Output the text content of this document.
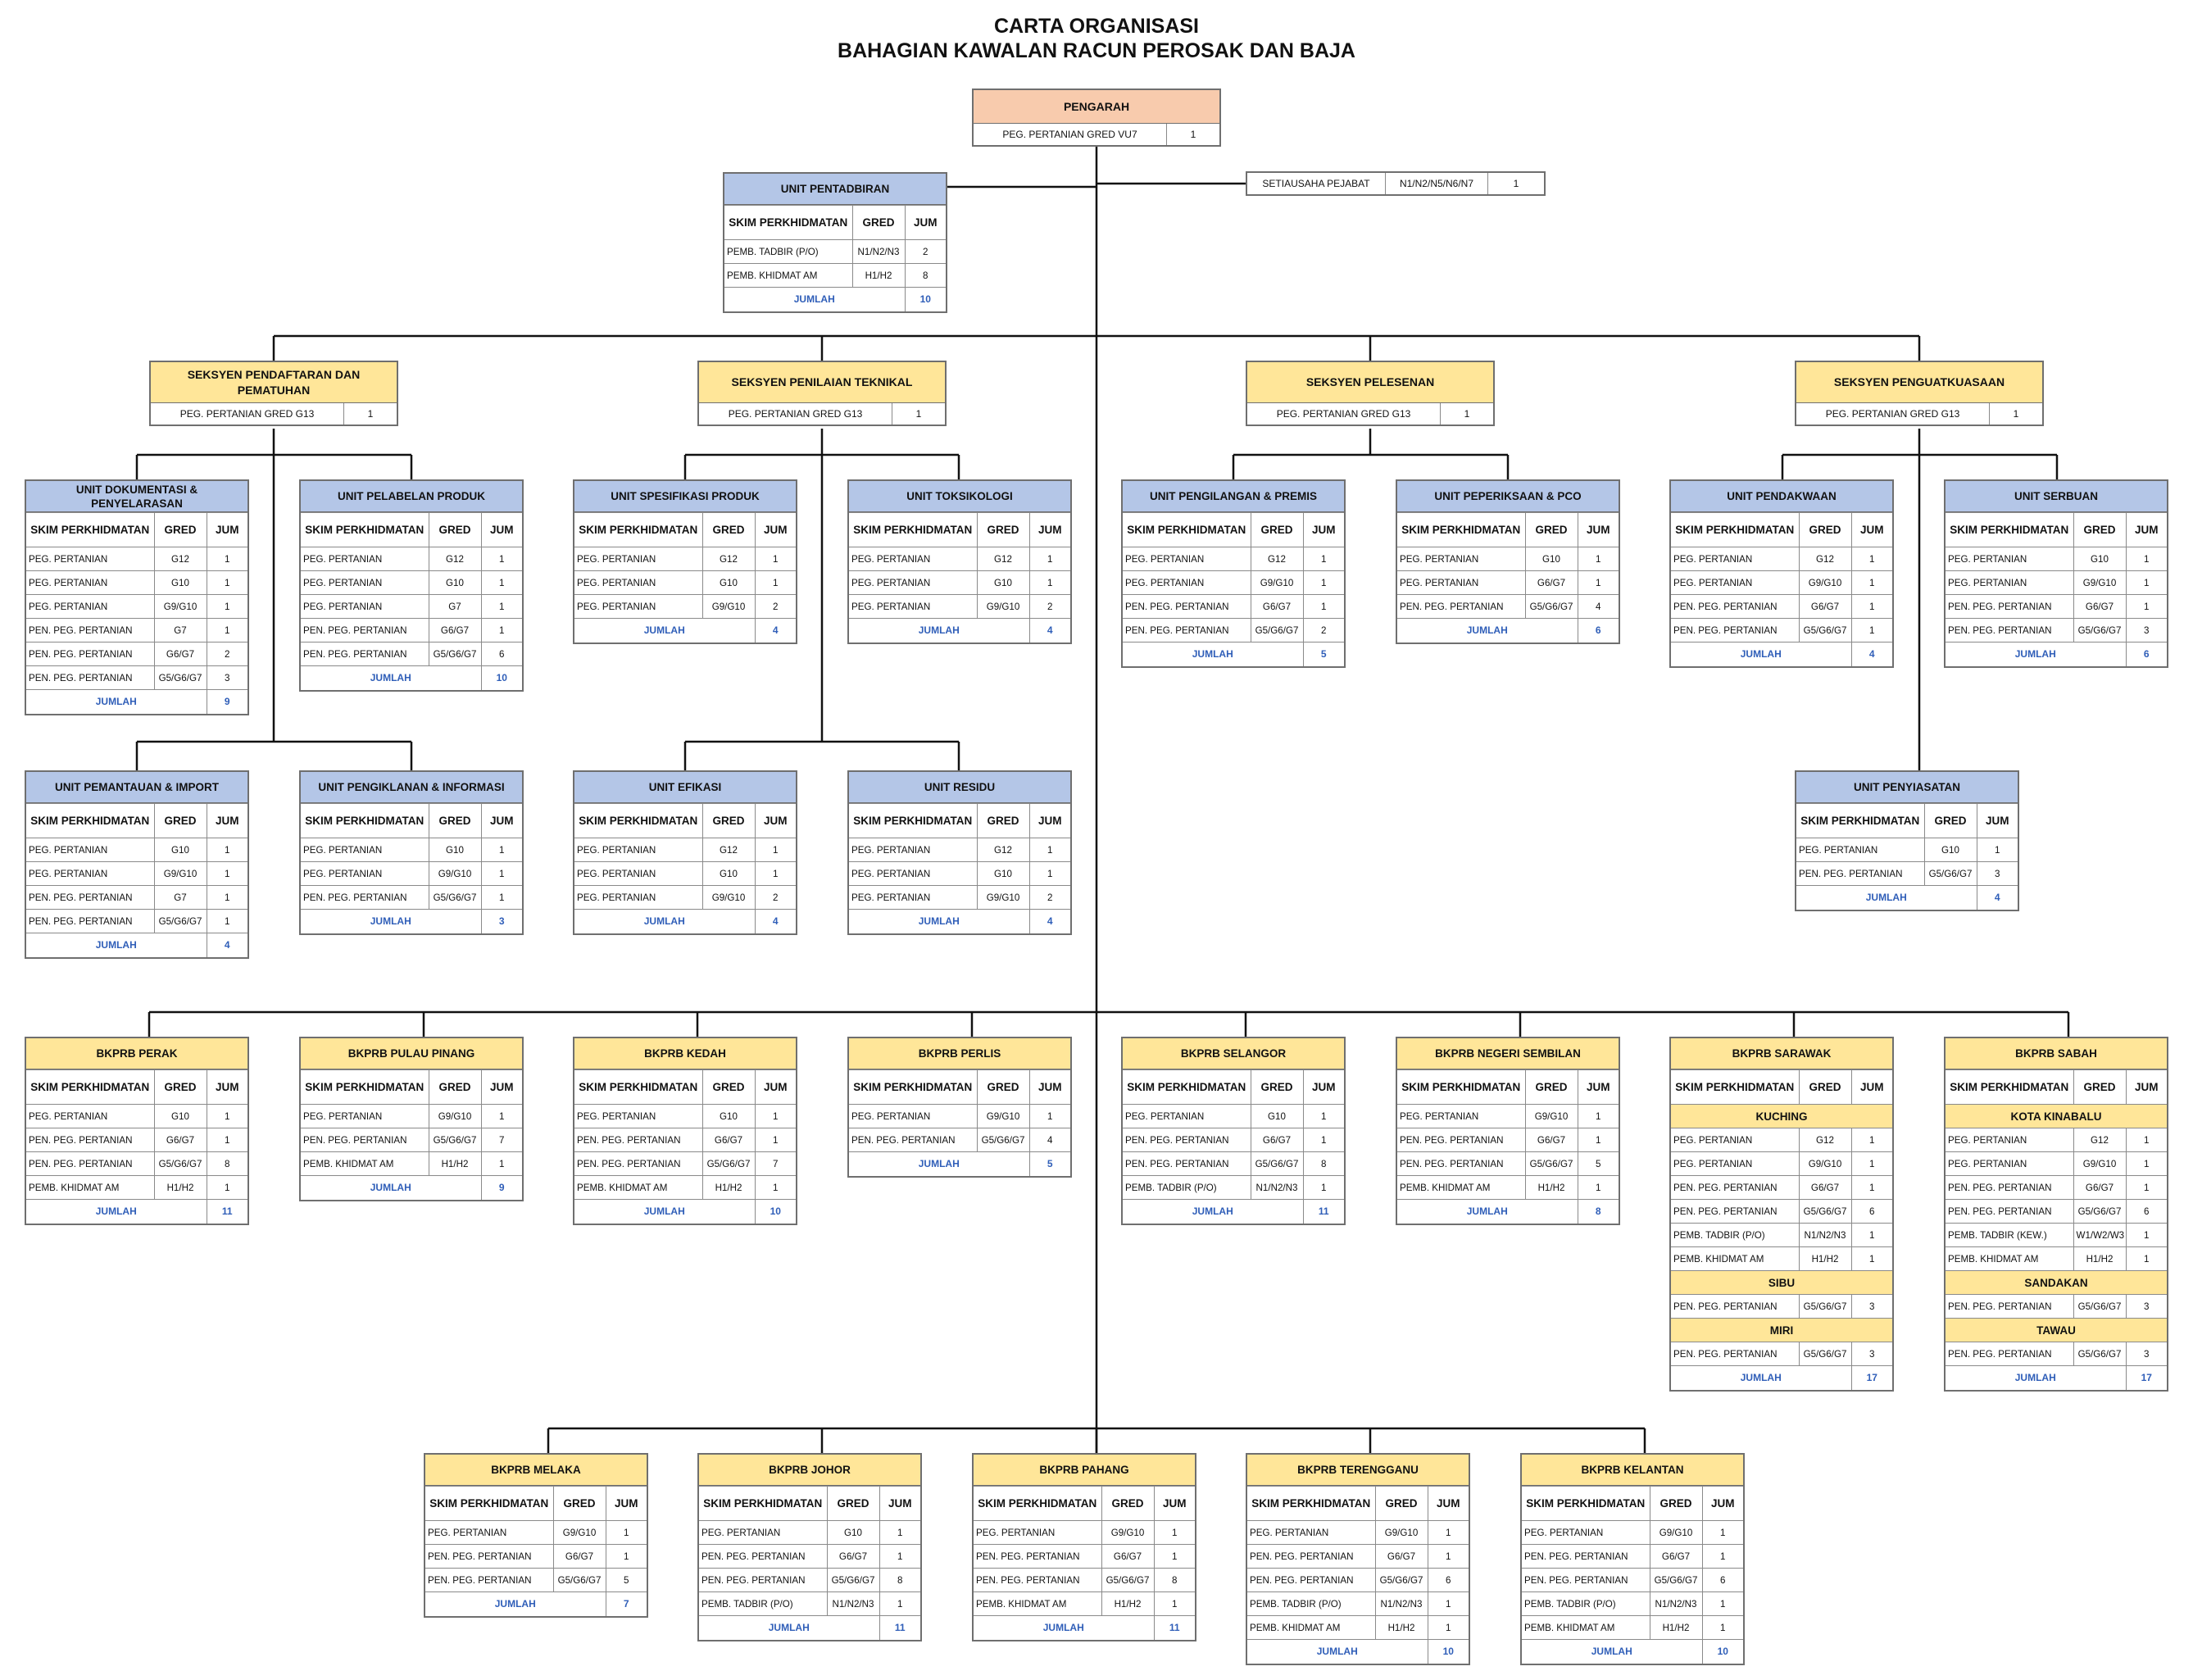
CARTA ORGANISASI
BAHAGIAN KAWALAN RACUN PEROSAK DAN BAJA
PENGARAH
PEG. PERTANIAN GRED VU7	1
SETIAUSAHA PEJABAT	N1/N2/N5/N6/N7	1
SEKSYEN PENDAFTARAN DAN PEMATUHAN
PEG. PERTANIAN GRED G13	1
SEKSYEN PENILAIAN TEKNIKAL
PEG. PERTANIAN GRED G13	1
SEKSYEN PELESENAN
PEG. PERTANIAN GRED G13	1
SEKSYEN PENGUATKUASAAN
PEG. PERTANIAN GRED G13	1
UNIT PENTADBIRAN
SKIM PERKHIDMATAN	GRED	JUM
PEMB. TADBIR (P/O)	N1/N2/N3	2
PEMB. KHIDMAT AM	H1/H2	8
JUMLAH		10
UNIT DOKUMENTASI & PENYELARASAN
SKIM PERKHIDMATAN	GRED	JUM
PEG. PERTANIAN	G12	1
PEG. PERTANIAN	G10	1
PEG. PERTANIAN	G9/G10	1
PEN. PEG. PERTANIAN	G7	1
PEN. PEG. PERTANIAN	G6/G7	2
PEN. PEG. PERTANIAN	G5/G6/G7	3
JUMLAH		9
UNIT PELABELAN PRODUK
SKIM PERKHIDMATAN	GRED	JUM
PEG. PERTANIAN	G12	1
PEG. PERTANIAN	G10	1
PEG. PERTANIAN	G7	1
PEN. PEG. PERTANIAN	G6/G7	1
PEN. PEG. PERTANIAN	G5/G6/G7	6
JUMLAH		10
UNIT SPESIFIKASI PRODUK
SKIM PERKHIDMATAN	GRED	JUM
PEG. PERTANIAN	G12	1
PEG. PERTANIAN	G10	1
PEG. PERTANIAN	G9/G10	2
JUMLAH		4
UNIT TOKSIKOLOGI
SKIM PERKHIDMATAN	GRED	JUM
PEG. PERTANIAN	G12	1
PEG. PERTANIAN	G10	1
PEG. PERTANIAN	G9/G10	2
JUMLAH		4
UNIT PENGILANGAN & PREMIS
SKIM PERKHIDMATAN	GRED	JUM
PEG. PERTANIAN	G12	1
PEG. PERTANIAN	G9/G10	1
PEN. PEG. PERTANIAN	G6/G7	1
PEN. PEG. PERTANIAN	G5/G6/G7	2
JUMLAH		5
UNIT PEPERIKSAAN & PCO
SKIM PERKHIDMATAN	GRED	JUM
PEG. PERTANIAN	G10	1
PEG. PERTANIAN	G6/G7	1
PEN. PEG. PERTANIAN	G5/G6/G7	4
JUMLAH		6
UNIT PENDAKWAAN
SKIM PERKHIDMATAN	GRED	JUM
PEG. PERTANIAN	G12	1
PEG. PERTANIAN	G9/G10	1
PEN. PEG. PERTANIAN	G6/G7	1
PEN. PEG. PERTANIAN	G5/G6/G7	1
JUMLAH		4
UNIT SERBUAN
SKIM PERKHIDMATAN	GRED	JUM
PEG. PERTANIAN	G10	1
PEG. PERTANIAN	G9/G10	1
PEN. PEG. PERTANIAN	G6/G7	1
PEN. PEG. PERTANIAN	G5/G6/G7	3
JUMLAH		6
UNIT PEMANTAUAN & IMPORT
SKIM PERKHIDMATAN	GRED	JUM
PEG. PERTANIAN	G10	1
PEG. PERTANIAN	G9/G10	1
PEN. PEG. PERTANIAN	G7	1
PEN. PEG. PERTANIAN	G5/G6/G7	1
JUMLAH		4
UNIT PENGIKLANAN & INFORMASI
SKIM PERKHIDMATAN	GRED	JUM
PEG. PERTANIAN	G10	1
PEG. PERTANIAN	G9/G10	1
PEN. PEG. PERTANIAN	G5/G6/G7	1
JUMLAH		3
UNIT EFIKASI
SKIM PERKHIDMATAN	GRED	JUM
PEG. PERTANIAN	G12	1
PEG. PERTANIAN	G10	1
PEG. PERTANIAN	G9/G10	2
JUMLAH		4
UNIT RESIDU
SKIM PERKHIDMATAN	GRED	JUM
PEG. PERTANIAN	G12	1
PEG. PERTANIAN	G10	1
PEG. PERTANIAN	G9/G10	2
JUMLAH		4
UNIT PENYIASATAN
SKIM PERKHIDMATAN	GRED	JUM
PEG. PERTANIAN	G10	1
PEN. PEG. PERTANIAN	G5/G6/G7	3
JUMLAH		4
BKPRB PERAK
SKIM PERKHIDMATAN	GRED	JUM
PEG. PERTANIAN	G10	1
PEN. PEG. PERTANIAN	G6/G7	1
PEN. PEG. PERTANIAN	G5/G6/G7	8
PEMB. KHIDMAT AM	H1/H2	1
JUMLAH		11
BKPRB PULAU PINANG
SKIM PERKHIDMATAN	GRED	JUM
PEG. PERTANIAN	G9/G10	1
PEN. PEG. PERTANIAN	G5/G6/G7	7
PEMB. KHIDMAT AM	H1/H2	1
JUMLAH		9
BKPRB KEDAH
SKIM PERKHIDMATAN	GRED	JUM
PEG. PERTANIAN	G10	1
PEN. PEG. PERTANIAN	G6/G7	1
PEN. PEG. PERTANIAN	G5/G6/G7	7
PEMB. KHIDMAT AM	H1/H2	1
JUMLAH		10
BKPRB PERLIS
SKIM PERKHIDMATAN	GRED	JUM
PEG. PERTANIAN	G9/G10	1
PEN. PEG. PERTANIAN	G5/G6/G7	4
JUMLAH		5
BKPRB SELANGOR
SKIM PERKHIDMATAN	GRED	JUM
PEG. PERTANIAN	G10	1
PEN. PEG. PERTANIAN	G6/G7	1
PEN. PEG. PERTANIAN	G5/G6/G7	8
PEMB. TADBIR (P/O)	N1/N2/N3	1
JUMLAH		11
BKPRB NEGERI SEMBILAN
SKIM PERKHIDMATAN	GRED	JUM
PEG. PERTANIAN	G9/G10	1
PEN. PEG. PERTANIAN	G6/G7	1
PEN. PEG. PERTANIAN	G5/G6/G7	5
PEMB. KHIDMAT AM	H1/H2	1
JUMLAH		8
BKPRB SARAWAK
SKIM PERKHIDMATAN	GRED	JUM
KUCHING		
PEG. PERTANIAN	G12	1
PEG. PERTANIAN	G9/G10	1
PEN. PEG. PERTANIAN	G6/G7	1
PEN. PEG. PERTANIAN	G5/G6/G7	6
PEMB. TADBIR (P/O)	N1/N2/N3	1
PEMB. KHIDMAT AM	H1/H2	1
SIBU		
PEN. PEG. PERTANIAN	G5/G6/G7	3
MIRI		
PEN. PEG. PERTANIAN	G5/G6/G7	3
JUMLAH		17
BKPRB SABAH
SKIM PERKHIDMATAN	GRED	JUM
KOTA KINABALU		
PEG. PERTANIAN	G12	1
PEG. PERTANIAN	G9/G10	1
PEN. PEG. PERTANIAN	G6/G7	1
PEN. PEG. PERTANIAN	G5/G6/G7	6
PEMB. TADBIR (KEW.)	W1/W2/W3	1
PEMB. KHIDMAT AM	H1/H2	1
SANDAKAN		
PEN. PEG. PERTANIAN	G5/G6/G7	3
TAWAU		
PEN. PEG. PERTANIAN	G5/G6/G7	3
JUMLAH		17
BKPRB MELAKA
SKIM PERKHIDMATAN	GRED	JUM
PEG. PERTANIAN	G9/G10	1
PEN. PEG. PERTANIAN	G6/G7	1
PEN. PEG. PERTANIAN	G5/G6/G7	5
JUMLAH		7
BKPRB JOHOR
SKIM PERKHIDMATAN	GRED	JUM
PEG. PERTANIAN	G10	1
PEN. PEG. PERTANIAN	G6/G7	1
PEN. PEG. PERTANIAN	G5/G6/G7	8
PEMB. TADBIR (P/O)	N1/N2/N3	1
JUMLAH		11
BKPRB PAHANG
SKIM PERKHIDMATAN	GRED	JUM
PEG. PERTANIAN	G9/G10	1
PEN. PEG. PERTANIAN	G6/G7	1
PEN. PEG. PERTANIAN	G5/G6/G7	8
PEMB. KHIDMAT AM	H1/H2	1
JUMLAH		11
BKPRB TERENGGANU
SKIM PERKHIDMATAN	GRED	JUM
PEG. PERTANIAN	G9/G10	1
PEN. PEG. PERTANIAN	G6/G7	1
PEN. PEG. PERTANIAN	G5/G6/G7	6
PEMB. TADBIR (P/O)	N1/N2/N3	1
PEMB. KHIDMAT AM	H1/H2	1
JUMLAH		10
BKPRB KELANTAN
SKIM PERKHIDMATAN	GRED	JUM
PEG. PERTANIAN	G9/G10	1
PEN. PEG. PERTANIAN	G6/G7	1
PEN. PEG. PERTANIAN	G5/G6/G7	6
PEMB. TADBIR (P/O)	N1/N2/N3	1
PEMB. KHIDMAT AM	H1/H2	1
JUMLAH		10
